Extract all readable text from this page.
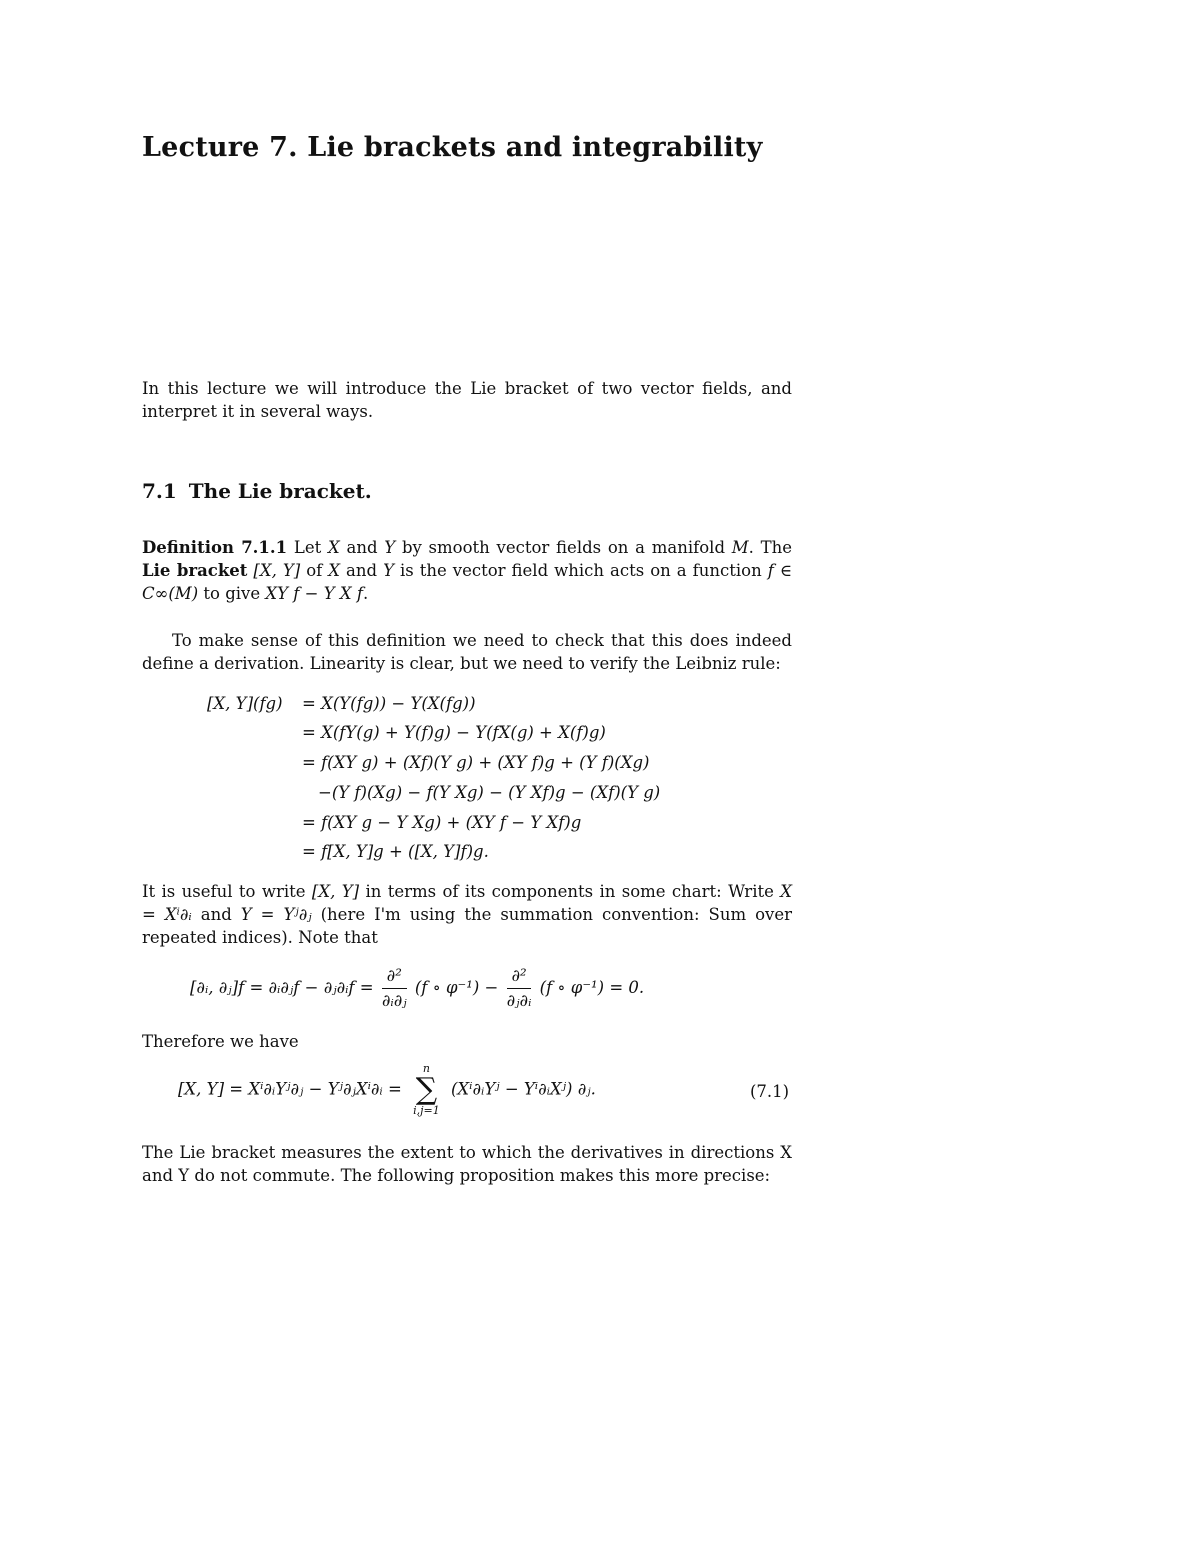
Lecture 7. Lie brackets and integrability
In this lecture we will introduce the Lie bracket of two vector fields, and interpret it in several ways.
7.1 The Lie bracket.
Definition 7.1.1 Let X and Y by smooth vector fields on a manifold M. The Lie bracket [X, Y] of X and Y is the vector field which acts on a function f ∈ C∞(M) to give XY f − Y X f.
To make sense of this definition we need to check that this does indeed define a derivation. Linearity is clear, but we need to verify the Leibniz rule:
[X, Y](fg) = X(Y(fg)) − Y(X(fg))
= X(fY(g) + Y(f)g) − Y(fX(g) + X(f)g)
= f(XY g) + (Xf)(Y g) + (XY f)g + (Y f)(Xg)
−(Y f)(Xg) − f(Y Xg) − (Y Xf)g − (Xf)(Y g)
= f(XY g − Y Xg) + (XY f − Y Xf)g
= f[X, Y]g + ([X, Y]f)g.
It is useful to write [X, Y] in terms of its components in some chart: Write X = Xⁱ∂ᵢ and Y = Yʲ∂ⱼ (here I'm using the summation convention: Sum over repeated indices). Note that
[∂ᵢ, ∂ⱼ]f = ∂ᵢ∂ⱼf − ∂ⱼ∂ᵢf = $\frac{\text{∂²}}{\text{∂ᵢ∂ⱼ}} (f$ ∘ $\varphi^{-1}) - \frac{\text{∂²}}{\text{∂ⱼ∂ᵢ}} (f$ ∘ φ⁻¹) = 0.
Therefore we have
[X, Y] = Xⁱ∂ᵢYʲ∂ⱼ − Yʲ∂ⱼXⁱ∂ᵢ =
n
∑
i,j=1
(Xⁱ∂ᵢYʲ − Yⁱ∂ᵢXʲ) ∂ⱼ.	(7.1)
The Lie bracket measures the extent to which the derivatives in directions X and Y do not commute. The following proposition makes this more precise:
